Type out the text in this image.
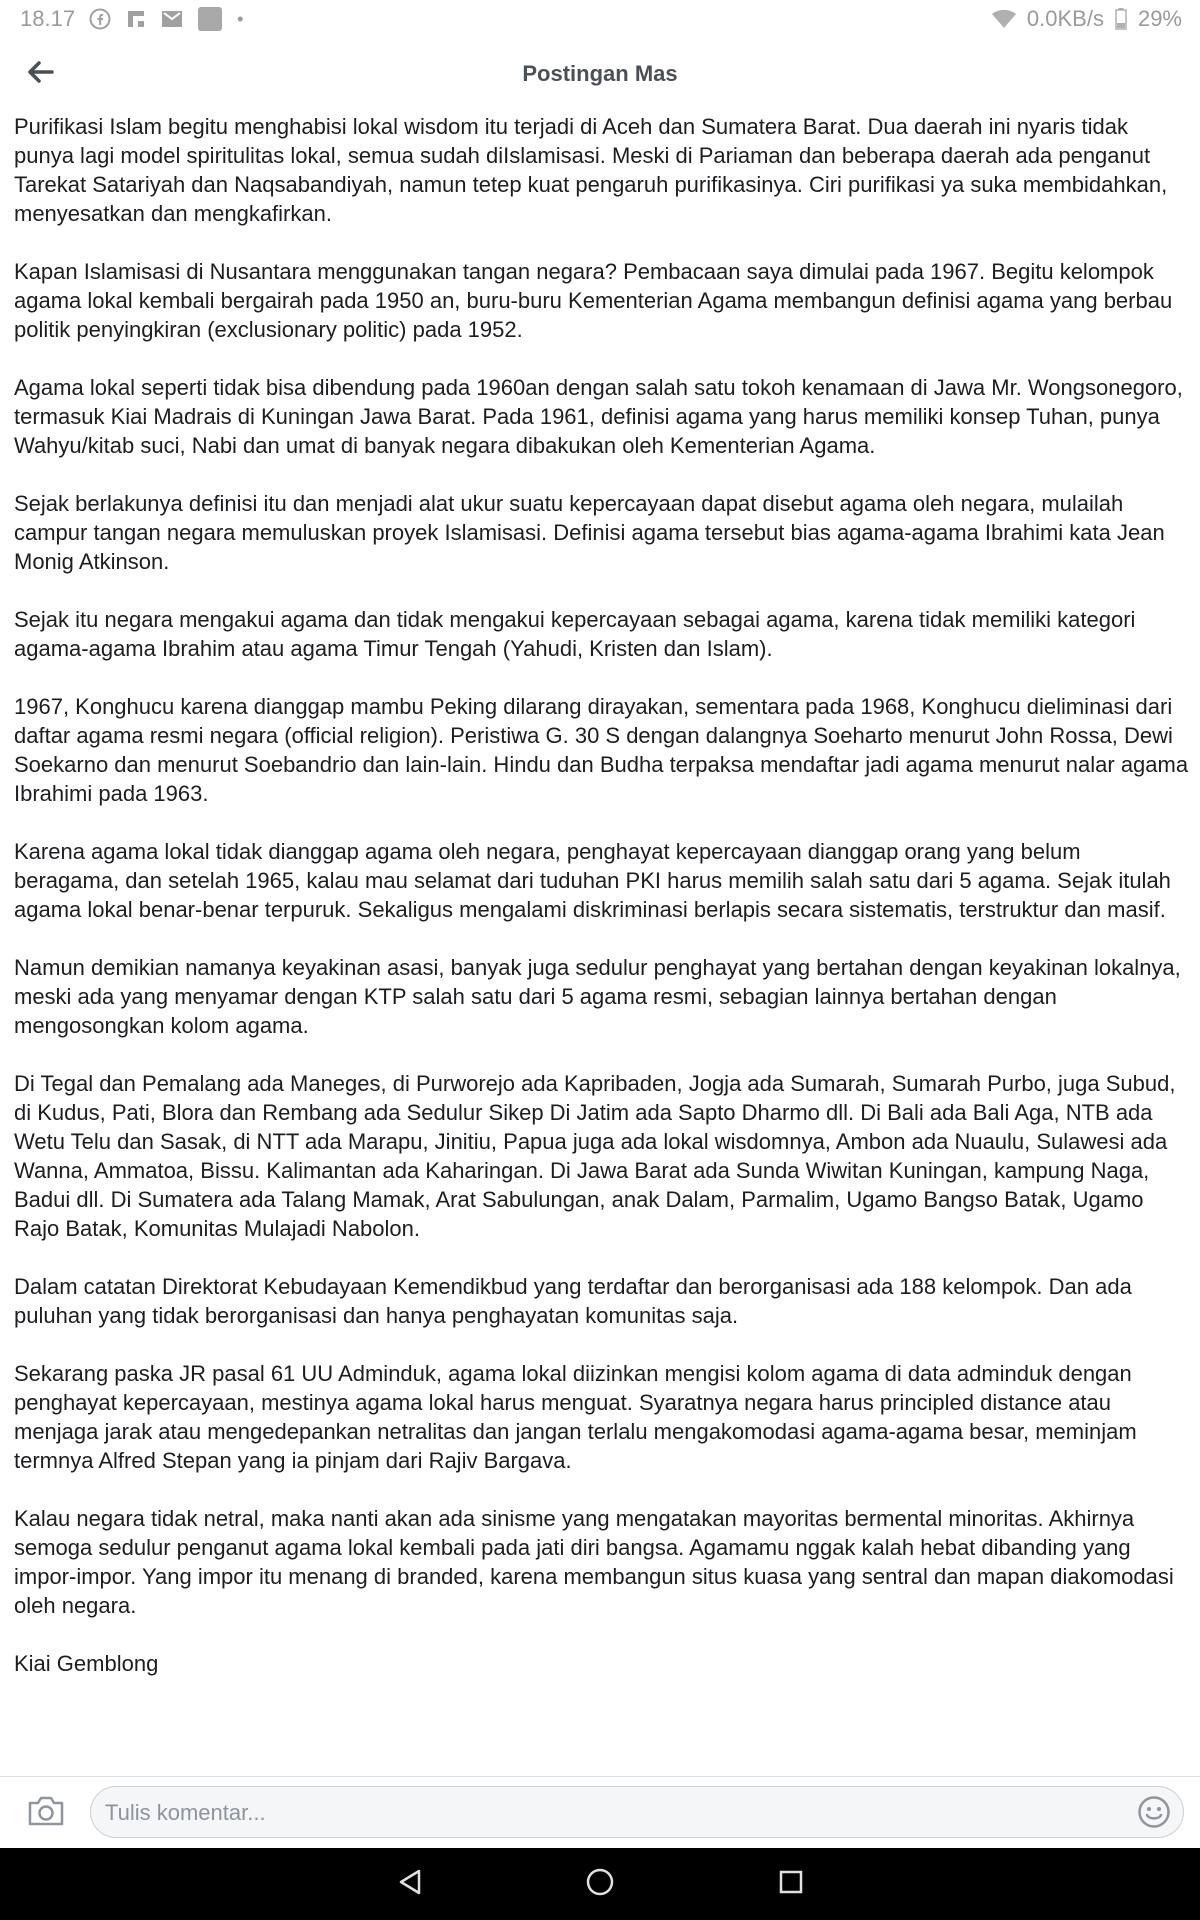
18.17	•	0.0KB/s 29%
Postingan Mas

Purifikasi Islam begitu menghabisi lokal wisdom itu terjadi di Aceh dan Sumatera Barat. Dua daerah ini nyaris tidak punya lagi model spiritulitas lokal, semua sudah diIslamisasi. Meski di Pariaman dan beberapa daerah ada penganut Tarekat Satariyah dan Naqsabandiyah, namun tetep kuat pengaruh purifikasinya. Ciri purifikasi ya suka membidahkan, menyesatkan dan mengkafirkan.

Kapan Islamisasi di Nusantara menggunakan tangan negara? Pembacaan saya dimulai pada 1967. Begitu kelompok agama lokal kembali bergairah pada 1950 an, buru-buru Kementerian Agama membangun definisi agama yang berbau politik penyingkiran (exclusionary politic) pada 1952.

Agama lokal seperti tidak bisa dibendung pada 1960an dengan salah satu tokoh kenamaan di Jawa Mr. Wongsonegoro, termasuk Kiai Madrais di Kuningan Jawa Barat. Pada 1961, definisi agama yang harus memiliki konsep Tuhan, punya Wahyu/kitab suci, Nabi dan umat di banyak negara dibakukan oleh Kementerian Agama.

Sejak berlakunya definisi itu dan menjadi alat ukur suatu kepercayaan dapat disebut agama oleh negara, mulailah campur tangan negara memuluskan proyek Islamisasi. Definisi agama tersebut bias agama-agama Ibrahimi kata Jean Monig Atkinson.

Sejak itu negara mengakui agama dan tidak mengakui kepercayaan sebagai agama, karena tidak memiliki kategori agama-agama Ibrahim atau agama Timur Tengah (Yahudi, Kristen dan Islam).

1967, Konghucu karena dianggap mambu Peking dilarang dirayakan, sementara pada 1968, Konghucu dieliminasi dari daftar agama resmi negara (official religion). Peristiwa G. 30 S dengan dalangnya Soeharto menurut John Rossa, Dewi Soekarno dan menurut Soebandrio dan lain-lain. Hindu dan Budha terpaksa mendaftar jadi agama menurut nalar agama Ibrahimi pada 1963.

Karena agama lokal tidak dianggap agama oleh negara, penghayat kepercayaan dianggap orang yang belum beragama, dan setelah 1965, kalau mau selamat dari tuduhan PKI harus memilih salah satu dari 5 agama. Sejak itulah agama lokal benar-benar terpuruk. Sekaligus mengalami diskriminasi berlapis secara sistematis, terstruktur dan masif.

Namun demikian namanya keyakinan asasi, banyak juga sedulur penghayat yang bertahan dengan keyakinan lokalnya, meski ada yang menyamar dengan KTP salah satu dari 5 agama resmi, sebagian lainnya bertahan dengan mengosongkan kolom agama.

Di Tegal dan Pemalang ada Maneges, di Purworejo ada Kapribaden, Jogja ada Sumarah, Sumarah Purbo, juga Subud, di Kudus, Pati, Blora dan Rembang ada Sedulur Sikep Di Jatim ada Sapto Dharmo dll. Di Bali ada Bali Aga, NTB ada Wetu Telu dan Sasak, di NTT ada Marapu, Jinitiu, Papua juga ada lokal wisdomnya, Ambon ada Nuaulu, Sulawesi ada Wanna, Ammatoa, Bissu. Kalimantan ada Kaharingan. Di Jawa Barat ada Sunda Wiwitan Kuningan, kampung Naga, Badui dll. Di Sumatera ada Talang Mamak, Arat Sabulungan, anak Dalam, Parmalim, Ugamo Bangso Batak, Ugamo Rajo Batak, Komunitas Mulajadi Nabolon.

Dalam catatan Direktorat Kebudayaan Kemendikbud yang terdaftar dan berorganisasi ada 188 kelompok. Dan ada puluhan yang tidak berorganisasi dan hanya penghayatan komunitas saja.

Sekarang paska JR pasal 61 UU Adminduk, agama lokal diizinkan mengisi kolom agama di data adminduk dengan penghayat kepercayaan, mestinya agama lokal harus menguat. Syaratnya negara harus principled distance atau menjaga jarak atau mengedepankan netralitas dan jangan terlalu mengakomodasi agama-agama besar, meminjam termnya Alfred Stepan yang ia pinjam dari Rajiv Bargava.

Kalau negara tidak netral, maka nanti akan ada sinisme yang mengatakan mayoritas bermental minoritas. Akhirnya semoga sedulur penganut agama lokal kembali pada jati diri bangsa. Agamamu nggak kalah hebat dibanding yang impor-impor. Yang impor itu menang di branded, karena membangun situs kuasa yang sentral dan mapan diakomodasi oleh negara.

Kiai Gemblong

Tulis komentar...
